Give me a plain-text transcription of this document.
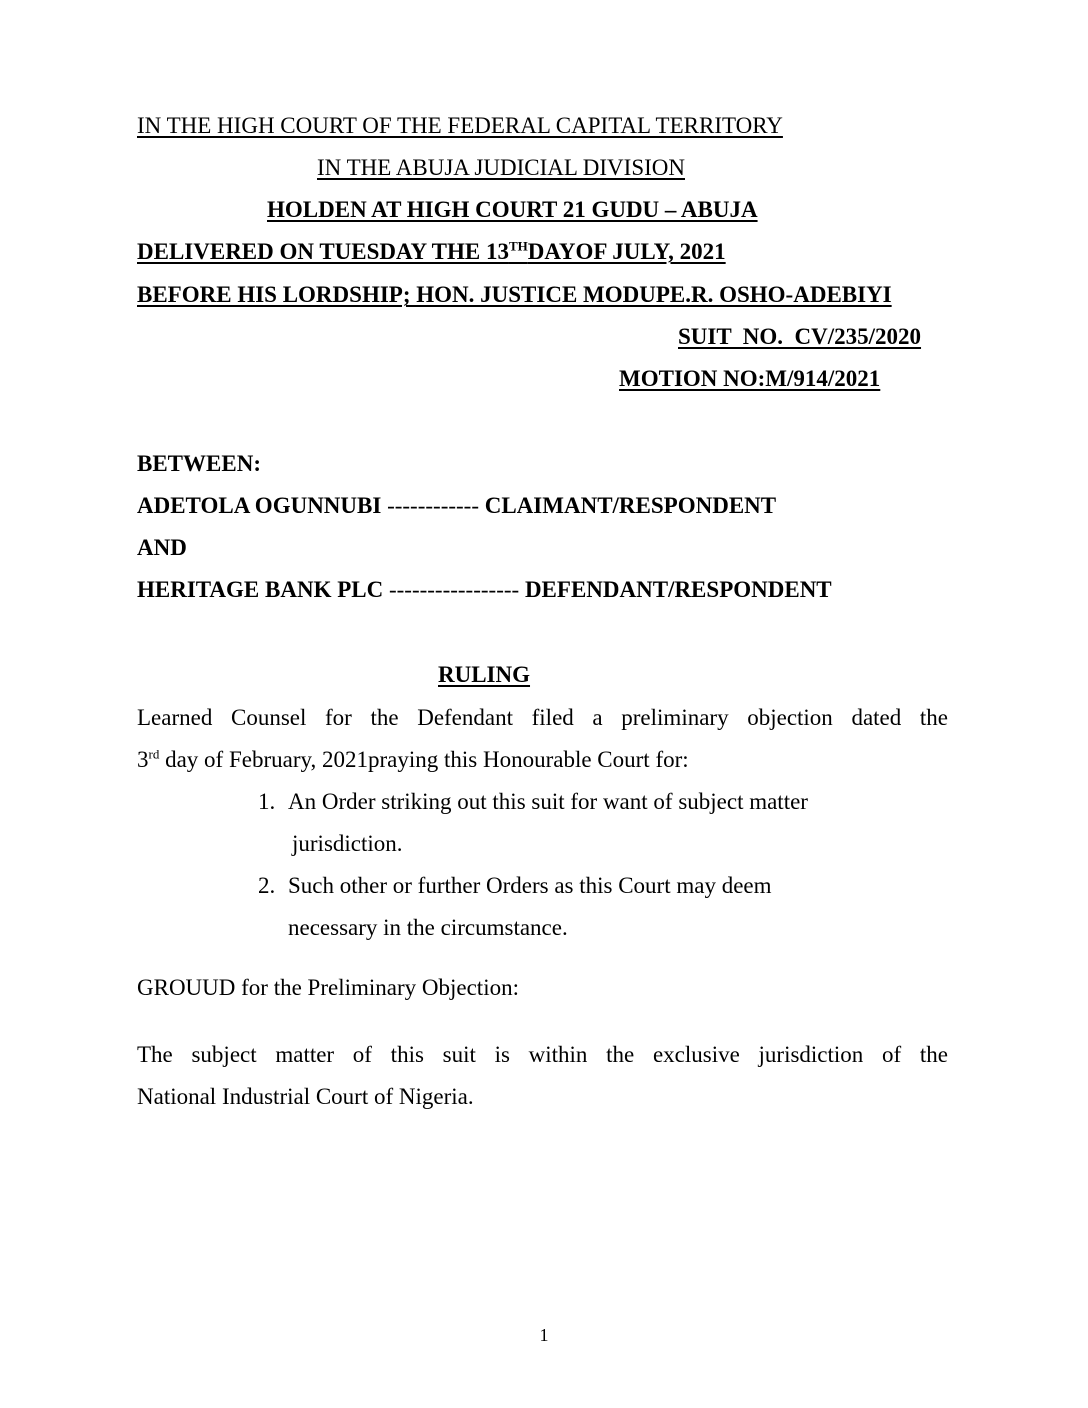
IN THE HIGH COURT OF THE FEDERAL CAPITAL TERRITORY
IN THE ABUJA JUDICIAL DIVISION
HOLDEN AT HIGH COURT 21 GUDU – ABUJA
DELIVERED ON TUESDAY THE 13THDAYOF JULY, 2021
BEFORE HIS LORDSHIP; HON. JUSTICE MODUPE.R. OSHO-ADEBIYI
SUIT  NO.  CV/235/2020
MOTION NO:M/914/2021
BETWEEN:
ADETOLA OGUNNUBI ------------ CLAIMANT/RESPONDENT
AND
HERITAGE BANK PLC ----------------- DEFENDANT/RESPONDENT
RULING
Learned Counsel for the Defendant filed a preliminary objection dated the
3rd day of February, 2021praying this Honourable Court for:
1. An Order striking out this suit for want of subject matter
jurisdiction.
2. Such other or further Orders as this Court may deem
necessary in the circumstance.
GROUUD for the Preliminary Objection:
The subject matter of this suit is within the exclusive jurisdiction of the
National Industrial Court of Nigeria.
1
